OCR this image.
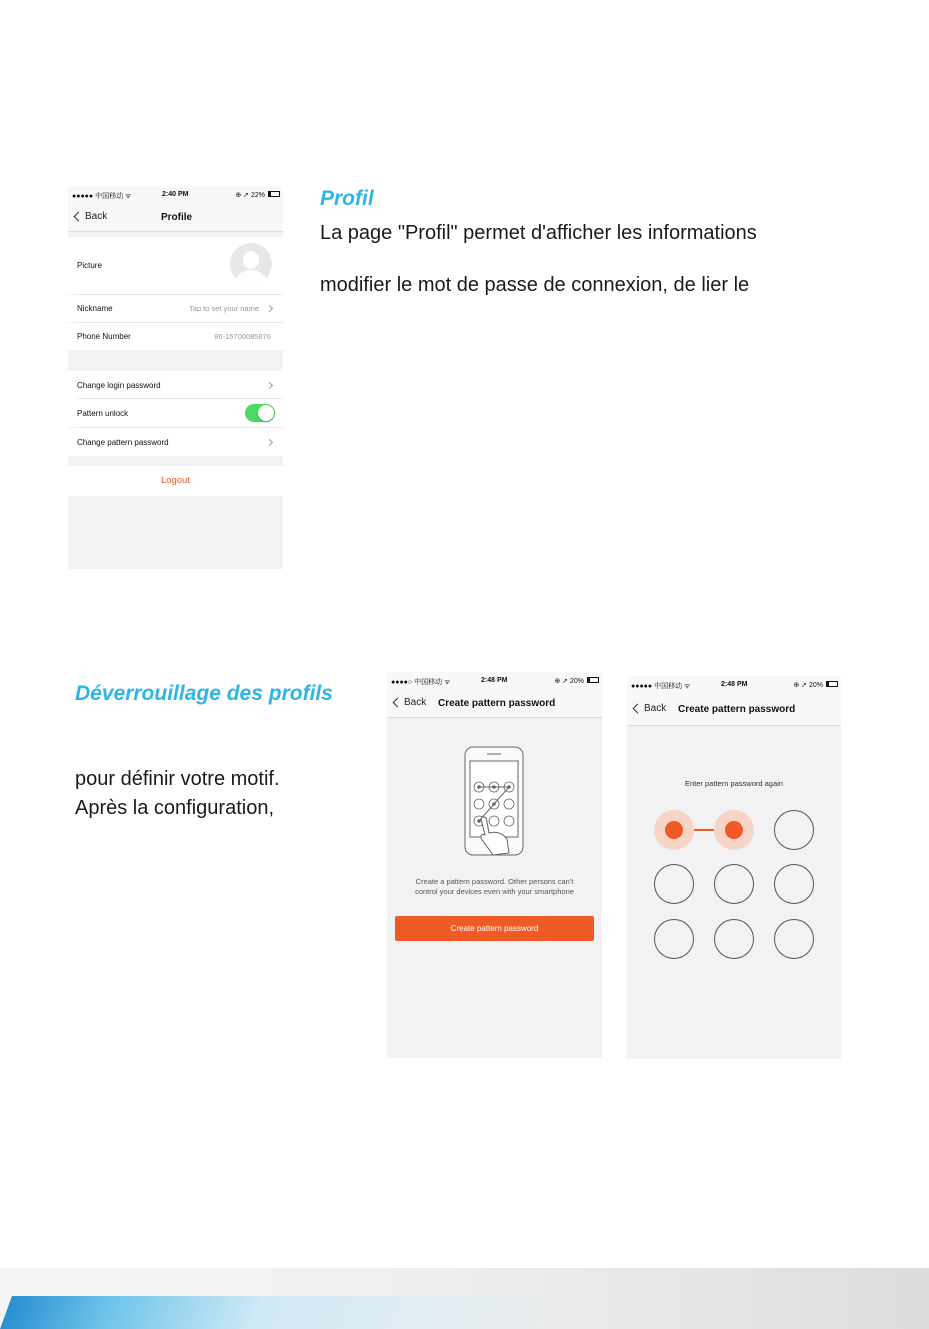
●●●●● 中国移动 ᯤ	2:40 PM	⊕ ➚ 22%
Back	Profile
Picture
Nickname	Tap to set your name
Phone Number	86-15700085876
Change login password
Pattern unlock
Change pattern password
Logout
Profil
La page "Profil" permet d'afficher les informations
modifier le mot de passe de connexion, de lier le
Déverrouillage des profils
pour définir votre motif.
Après la configuration,
●●●●○ 中国移动 ᯤ	2:48 PM	⊕ ➚ 20%
Back Create pattern password
Create a pattern password. Other persons can't
control your devices even with your smartphone
Create pattern password
●●●●● 中国移动 ᯤ	2:48 PM	⊕ ➚ 20%
Back Create pattern password
Enter pattern password again
